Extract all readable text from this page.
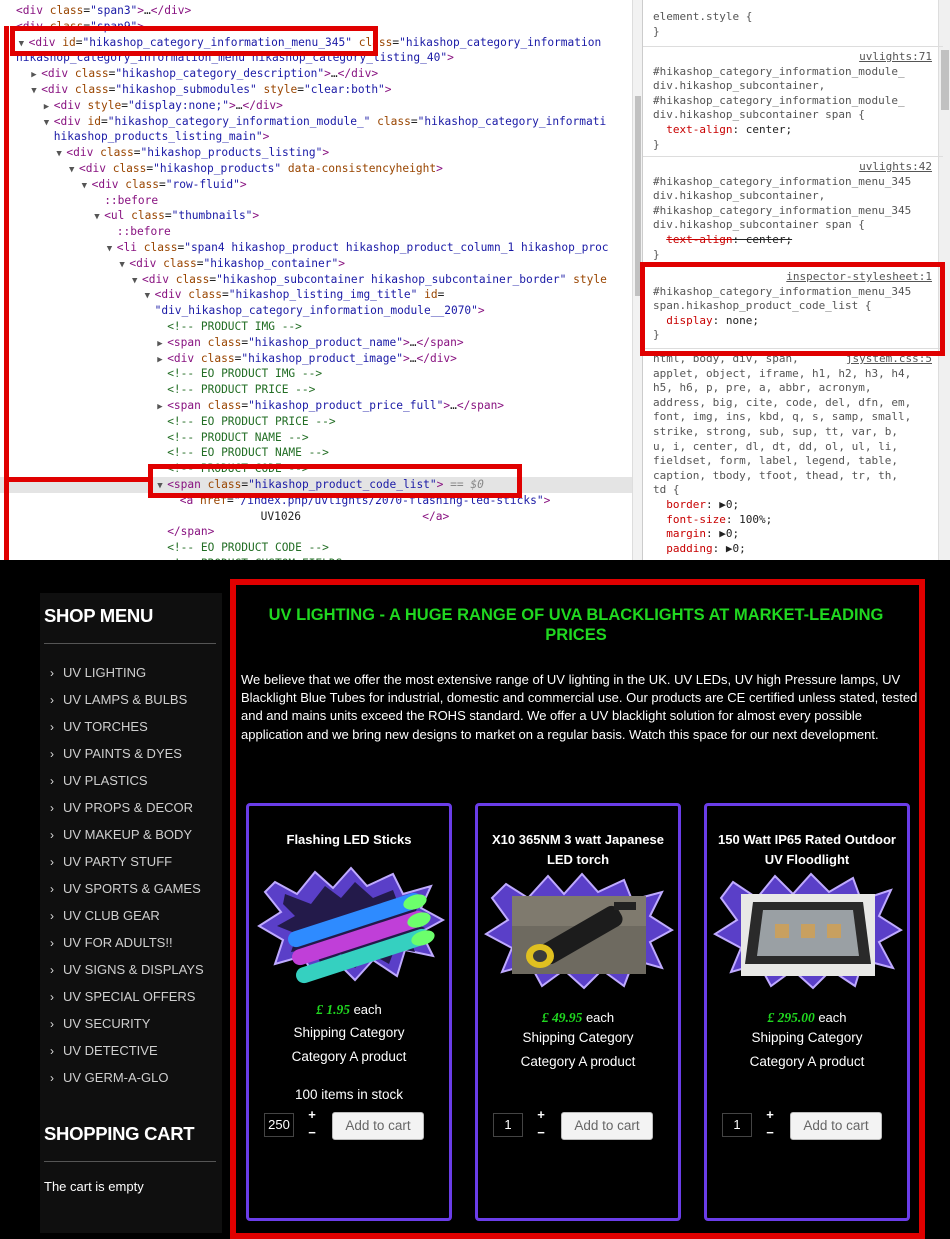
<div class="span3">…</div>
<div class="span9">
▼ <div id="hikashop_category_information_menu_345" class="hikashop_category_information
hikashop_category_information_menu hikashop_category_listing_40">
▶ <div class="hikashop_category_description">…</div>
▼ <div class="hikashop_submodules" style="clear:both">
▶ <div style="display:none;">…</div>
▼ <div id="hikashop_category_information_module_" class="hikashop_category_informati
hikashop_products_listing_main">
▼ <div class="hikashop_products_listing">
▼ <div class="hikashop_products" data-consistencyheight>
▼ <div class="row-fluid">
::before
▼ <ul class="thumbnails">
::before
▼ <li class="span4 hikashop_product hikashop_product_column_1 hikashop_proc
▼ <div class="hikashop_container">
▼ <div class="hikashop_subcontainer hikashop_subcontainer_border" style
▼ <div class="hikashop_listing_img_title" id=
"div_hikashop_category_information_module__2070">
<!-- PRODUCT IMG -->
▶ <span class="hikashop_product_name">…</span>
▶ <div class="hikashop_product_image">…</div>
<!-- EO PRODUCT IMG -->
<!-- PRODUCT PRICE -->
▶ <span class="hikashop_product_price_full">…</span>
<!-- EO PRODUCT PRICE -->
<!-- PRODUCT NAME -->
<!-- EO PRODUCT NAME -->
<!-- PRODUCT CODE -->
▼ <span class="hikashop_product_code_list"> == $0
<a href="/index.php/uvlights/2070-flashing-led-sticks">
UV1026                  </a>
</span>
<!-- EO PRODUCT CODE -->
element.style {
}
uvlights:71
#hikashop_category_information_module_
div.hikashop_subcontainer,
#hikashop_category_information_module_
div.hikashop_subcontainer span {
text-align: center;
}
uvlights:42
#hikashop_category_information_menu_345
div.hikashop_subcontainer,
#hikashop_category_information_menu_345
div.hikashop_subcontainer span {
text-align: center;
}
inspector-stylesheet:1
#hikashop_category_information_menu_345
span.hikashop_product_code_list {
display: none;
}
jsystem.css:5
html, body, div, span,
applet, object, iframe, h1, h2, h3, h4,
h5, h6, p, pre, a, abbr, acronym,
address, big, cite, code, del, dfn, em,
font, img, ins, kbd, q, s, samp, small,
strike, strong, sub, sup, tt, var, b,
u, i, center, dl, dt, dd, ol, ul, li,
fieldset, form, label, legend, table,
caption, tbody, tfoot, thead, tr, th,
td {
border: ▶0;
font-size: 100%;
margin: ▶0;
padding: ▶0;
SHOP MENU
› UV LIGHTING
› UV LAMPS & BULBS
› UV TORCHES
› UV PAINTS & DYES
› UV PLASTICS
› UV PROPS & DECOR
› UV MAKEUP & BODY
› UV PARTY STUFF
› UV SPORTS & GAMES
› UV CLUB GEAR
› UV FOR ADULTS!!
› UV SIGNS & DISPLAYS
› UV SPECIAL OFFERS
› UV SECURITY
› UV DETECTIVE
› UV GERM-A-GLO
SHOPPING CART
The cart is empty
UV LIGHTING - A HUGE RANGE OF UVA BLACKLIGHTS AT MARKET-LEADING PRICES
We believe that we offer the most extensive range of UV lighting in the UK. UV LEDs, UV high Pressure lamps, UV Blacklight Blue Tubes for industrial, domestic and commercial use. Our products are CE certified unless stated, tested and and mains units exceed the ROHS standard. We offer a UV blacklight solution for almost every possible application and we bring new designs to market on a regular basis. Watch this space for our next development.
Flashing LED Sticks
£ 1.95 each
Shipping Category
Category A product
100 items in stock
250
+
−	Add to cart
X10 365NM 3 watt Japanese LED torch
£ 49.95 each
Shipping Category
Category A product
1
+
−	Add to cart
150 Watt IP65 Rated Outdoor UV Floodlight
£ 295.00 each
Shipping Category
Category A product
1
+
−	Add to cart
